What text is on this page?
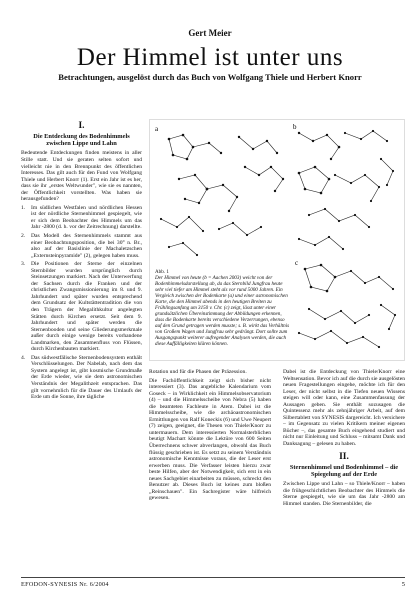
Gert Meier
Der Himmel ist unter uns
Betrachtungen, ausgelöst durch das Buch von Wolfgang Thiele und Herbert Knorr
I.
Die Entdeckung des Bodenhimmels zwischen Lippe und Lahn

Bedeutende Entdeckungen finden meistens in aller Stille statt. Und sie geraten selten sofort und vielleicht nie in den Brennpunkt des öffentlichen Interesses. Das gilt auch für den Fund von Wolfgang Thiele und Herbert Knorr (1). Erst ein Jahr ist es her, dass sie ihr „erstes Weltwunder", wie sie es nannten, der Öffentlichkeit vorstellten. Was haben sie herausgefunden?

1. Im südlichen Westfalen und nördlichen Hessen ist der nördliche Sternenhimmel gespiegelt, wie er sich dem Beobachter des Himmels um das Jahr -2800 (d. h. vor der Zeitrechnung) darstellte.
2. Das Modell des Sternenhimmels stammt aus einer Beobachtungsposition, die bei 30° n. Br., also auf der Basislinie der Machaletzschen „Externsteinpyramide" (2), gelegen haben muss.
3. Die Positionen der Sterne der einzelnen Sternbilder wurden ursprünglich durch Steinsetzungen markiert. Nach der Unterwerfung der Sachsen durch die Franken und der christlichen Zwangsmissionierung im 8. und 9. Jahrhundert und später wurden entsprechend dem Grundsatz der Kultstättentradition die von den Trägern der Megalithkultur angelegten Stätten durch Kirchen ersetzt. Seit dem 9. Jahrhundert und später werden die Sternenbooden und seine Gliederungsmerkmale außer durch einige wenige bereits vorhandene Landmarken, den Zusammenfluss von Flüssen, durch Kirchenbauten markiert.
4. Das südwestfälische Sternenbodensystem enthält Verschlüsselungen. Der Nabelab, nach dem das System angelegt ist, gibt kosmische Grundmaße der Erde wieder, wie sie dem astronomischen Verständnis der Megalithzeit entsprachen. Das gilt vornehmlich für die Dauer des Umlaufs der Erde um die Sonne, ihre tägliche
a	b
c
Abb. 1
Der Himmel von heute (b = Aachen 2003) weicht von der Bodenhimmelsdarstellung ab, da das Sternbild Jungfrau heute sehr viel tiefer am Himmel steht als vor rund 5000 Jahren. Ein Vergleich zwischen der Bodenkarte (a) und einer astronomischen Karte, die den Himmel abends in den heutigen Breiten zu Frühlingsanfang um 3150 v. Chr. (c) zeigt, lässt unter einer grundsätzlichen Übereinstimmung der Abbildungen erkennen, dass die Bodenkarte bereits verschiedene Verzerrungen, ebenso auf den Grund getragen werden musste; s. B. wirkt das Verhältnis von Großem Wagen und Jungfrau sehr gedrängt. Dort sollte zum Ausgangspunkt weiterer aufregender Analysen werden, die auch diese Auffälligkeiten klären können.

Rotation und für die Phasen der Präzession.

Die Fachöffentlichkeit zeigt sich bisher nicht interessiert (3). Das angebliche Kalendarium vom Goseck – in Wirklichkeit ein Himmelsobservatorium (4) – und die Himmelsscheibe von Nebra (5) haben die beamteten Fachleute in Atem. Dabei ist die Himmelsscheibe, wie die archäoastronomischen Ermittlungen von Ralf Koneckis (6) und Uwe Neupert (7) zeigen, geeignet, die Thesen von Thiele/Knorr zu untermauern. Dem interessierten Normalsterblichen beutigt Machart könnte die Lektüre von 600 Seiten Überrechnens schwer abverlangen, obwohl das Buch flüssig geschrieben ist. Es setzt zu seinem Verständnis astronomische Kenntnisse voraus, die der Leser erst erwerben muss. Die Verfasser leisten hierzu zwar beste Hilfen, aber der Notwendigkeit, sich erst in ein neues Sachgebiet einarbeiten zu müssen, schreckt den Benutzer ab. Dieses Buch ist keines zum bloßen „Reinschauen". Ein Sachregister wäre hilfreich gewesen.

Dabei ist die Entdeckung von Thiele/Knorr eine Weltsensation. Bevor ich auf die durch sie ausgelösten neuen Fragestellungen eingehe, möchte ich für den Leser, der nicht selbst in die Tiefen neuen Wissens steigen will oder kann, eine Zusammenfassung der Aussagen geben. Sie enthält sozusagen die Quintessenz mehr als zehnjähriger Arbeit, auf dem Silbertablett von SYNESIS dargereicht. Ich versichere – im Gegensatz zu vielen Kritikern meiner eigenen Bücher –, das gesamte Buch eingehend studiert und nicht nur Einleitung und Schluss – mitsamt Dank und Danksagung – gelesen zu haben.

II.
Sternenhimmel und Bodenhimmel – die Spiegelung auf der Erde

Zwischen Lippe und Lahn – so Thiele/Knorr – haben die frühgeschichtlichen Beobachter des Himmels die Sterne gespiegelt, wie sie um das Jahr -2800 am Himmel standen. Die Sternenbilder, die

EFODON-SYNESIS Nr. 6/2004	5
